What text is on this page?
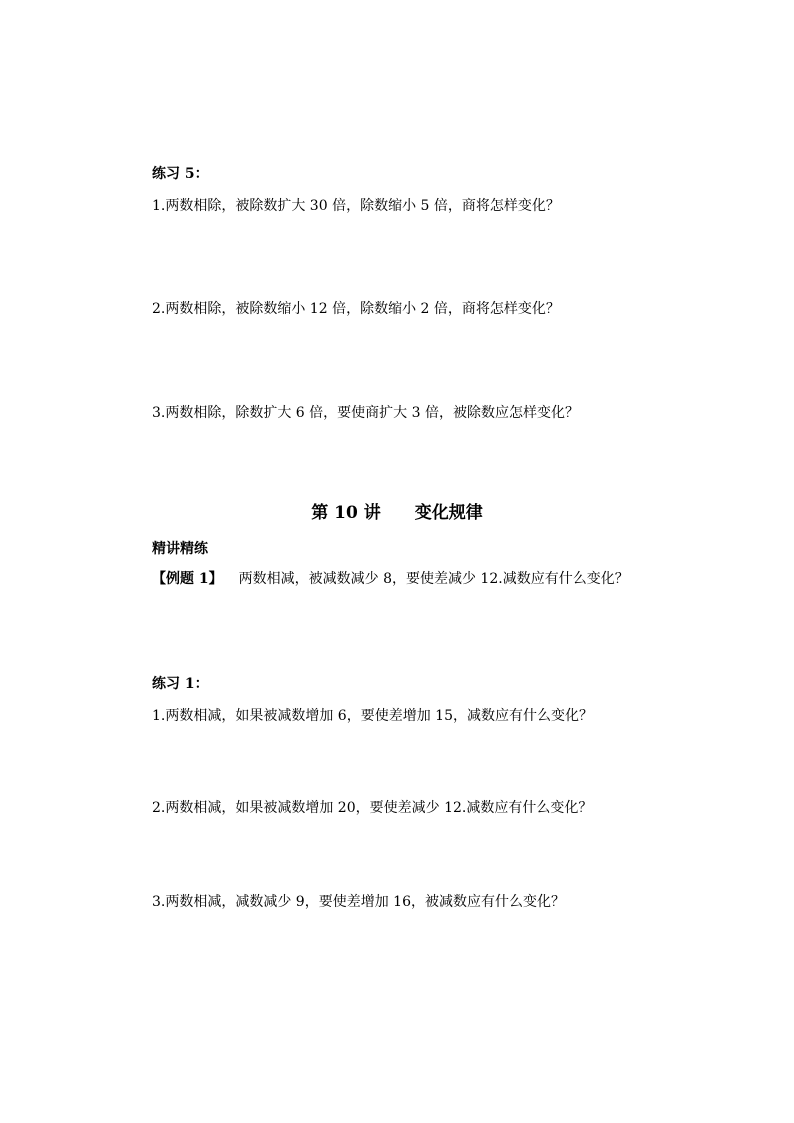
练习 5：
1.两数相除，被除数扩大 30 倍，除数缩小 5 倍，商将怎样变化？
2.两数相除，被除数缩小 12 倍，除数缩小 2 倍，商将怎样变化？
3.两数相除，除数扩大 6 倍，要使商扩大 3 倍，被除数应怎样变化？
第 10 讲　　变化规律
精讲精练
【例题 1】 两数相减，被减数减少 8，要使差减少 12.减数应有什么变化？
练习 1：
1.两数相减，如果被减数增加 6，要使差增加 15，减数应有什么变化？
2.两数相减，如果被减数增加 20，要使差减少 12.减数应有什么变化？
3.两数相减，减数减少 9，要使差增加 16，被减数应有什么变化？
